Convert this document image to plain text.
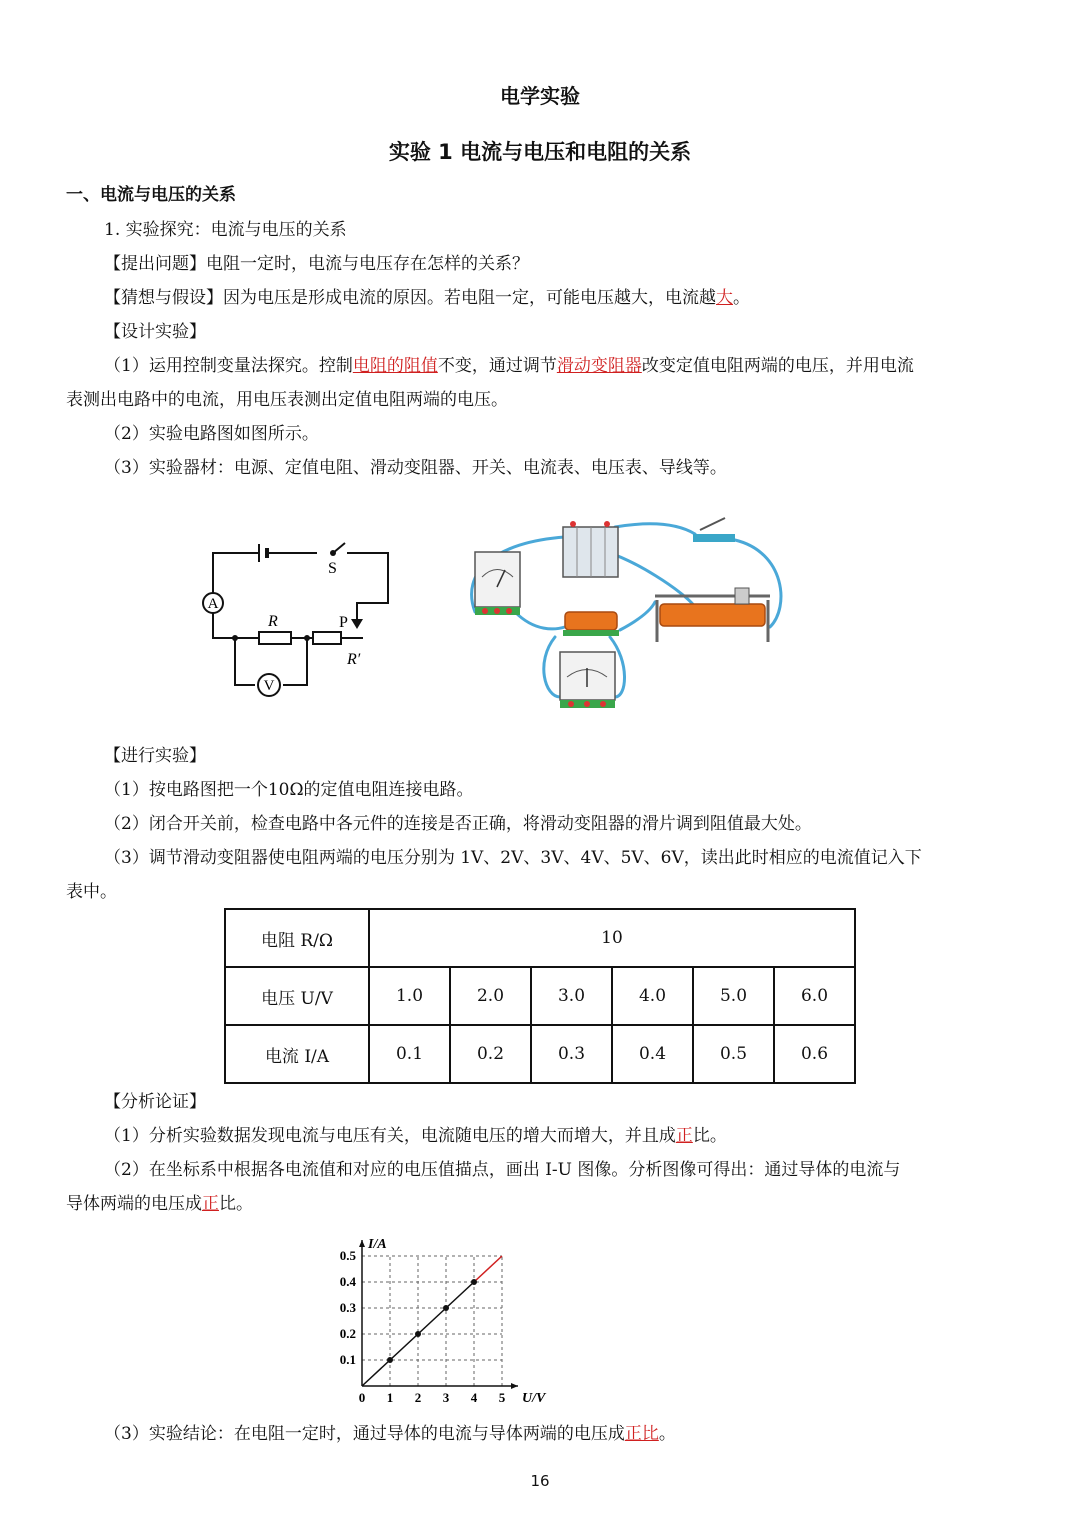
电学实验
实验 1 电流与电压和电阻的关系
一、电流与电压的关系
1. 实验探究：电流与电压的关系
【提出问题】电阻一定时，电流与电压存在怎样的关系？
【猜想与假设】因为电压是形成电流的原因。若电阻一定，可能电压越大，电流越大。
【设计实验】
（1）运用控制变量法探究。控制电阻的阻值不变，通过调节滑动变阻器改变定值电阻两端的电压，并用电流
表测出电路中的电流，用电压表测出定值电阻两端的电压。
（2）实验电路图如图所示。
（3）实验器材：电源、定值电阻、滑动变阻器、开关、电流表、电压表、导线等。
A
V
S
R	P
R′
【进行实验】
（1）按电路图把一个10Ω的定值电阻连接电路。
（2）闭合开关前，检查电路中各元件的连接是否正确，将滑动变阻器的滑片调到阻值最大处。
（3）调节滑动变阻器使电阻两端的电压分别为 1V、2V、3V、4V、5V、6V，读出此时相应的电流值记入下
表中。
电阻 R/Ω	10					
电压 U/V	1.0	2.0	3.0	4.0	5.0	6.0
电流 I/A	0.1	0.2	0.3	0.4	0.5	0.6
【分析论证】
（1）分析实验数据发现电流与电压有关，电流随电压的增大而增大，并且成正比。
（2）在坐标系中根据各电流值和对应的电压值描点，画出 I-U 图像。分析图像可得出：通过导体的电流与
导体两端的电压成正比。
0 1 2 3 4 5
0.1
0.2
0.3
0.4
0.5
U/V
I/A
（3）实验结论：在电阻一定时，通过导体的电流与导体两端的电压成正比。
16
